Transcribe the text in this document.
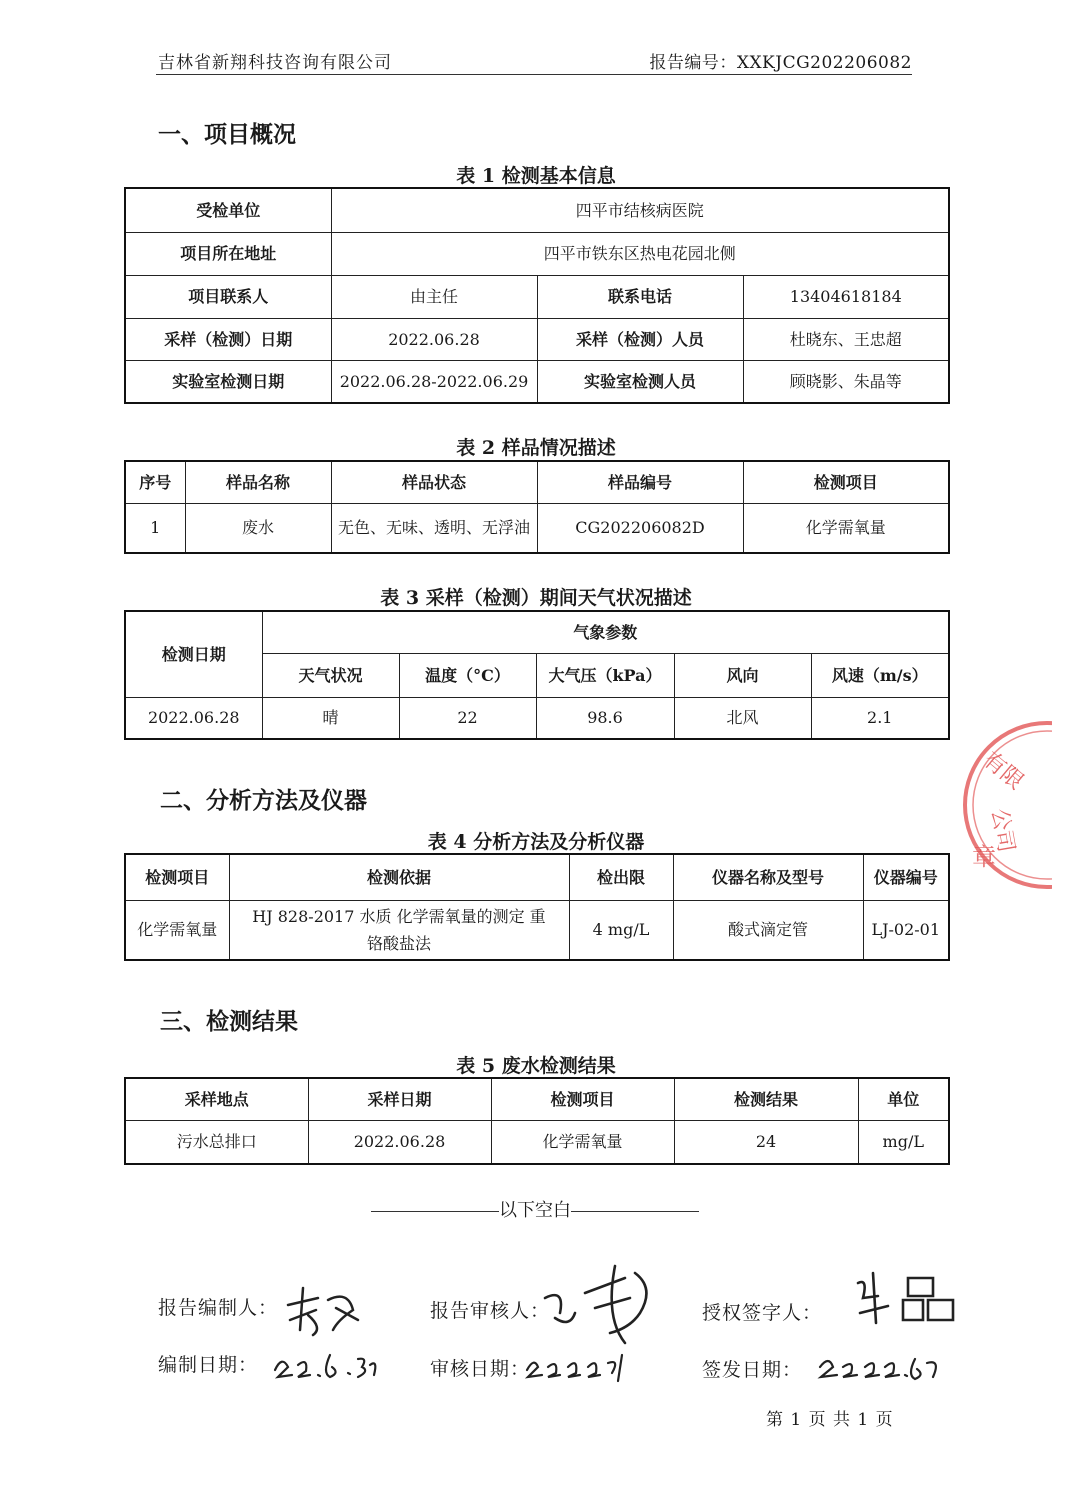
吉林省新翔科技咨询有限公司	报告编号：XXKJCG202206082
一、项目概况
表 1 检测基本信息
受检单位	四平市结核病医院		
项目所在地址	四平市铁东区热电花园北侧		
项目联系人	由主任	联系电话	13404618184
采样（检测）日期	2022.06.28	采样（检测）人员	杜晓东、王忠超
实验室检测日期	2022.06.28-2022.06.29	实验室检测人员	顾晓影、朱晶等
表 2 样品情况描述
序号	样品名称	样品状态	样品编号	检测项目
1	废水	无色、无味、透明、无浮油	CG202206082D	化学需氧量
表 3 采样（检测）期间天气状况描述
检测日期	气象参数				
	天气状况	温度（°C）	大气压（kPa）	风向	风速（m/s）
2022.06.28	晴	22	98.6	北风	2.1
二、分析方法及仪器
表 4 分析方法及分析仪器
检测项目	检测依据	检出限	仪器名称及型号	仪器编号
化学需氧量	HJ 828-2017 水质 化学需氧量的测定 重铬酸盐法	4 mg/L	酸式滴定管	LJ-02-01
三、检测结果
表 5 废水检测结果
采样地点	采样日期	检测项目	检测结果	单位
污水总排口	2022.06.28	化学需氧量	24	mg/L
以下空白
报告编制人：
编制日期：
报告审核人：
审核日期：
授权签字人：
签发日期：
有限
公司
章
第 1 页 共 1 页
